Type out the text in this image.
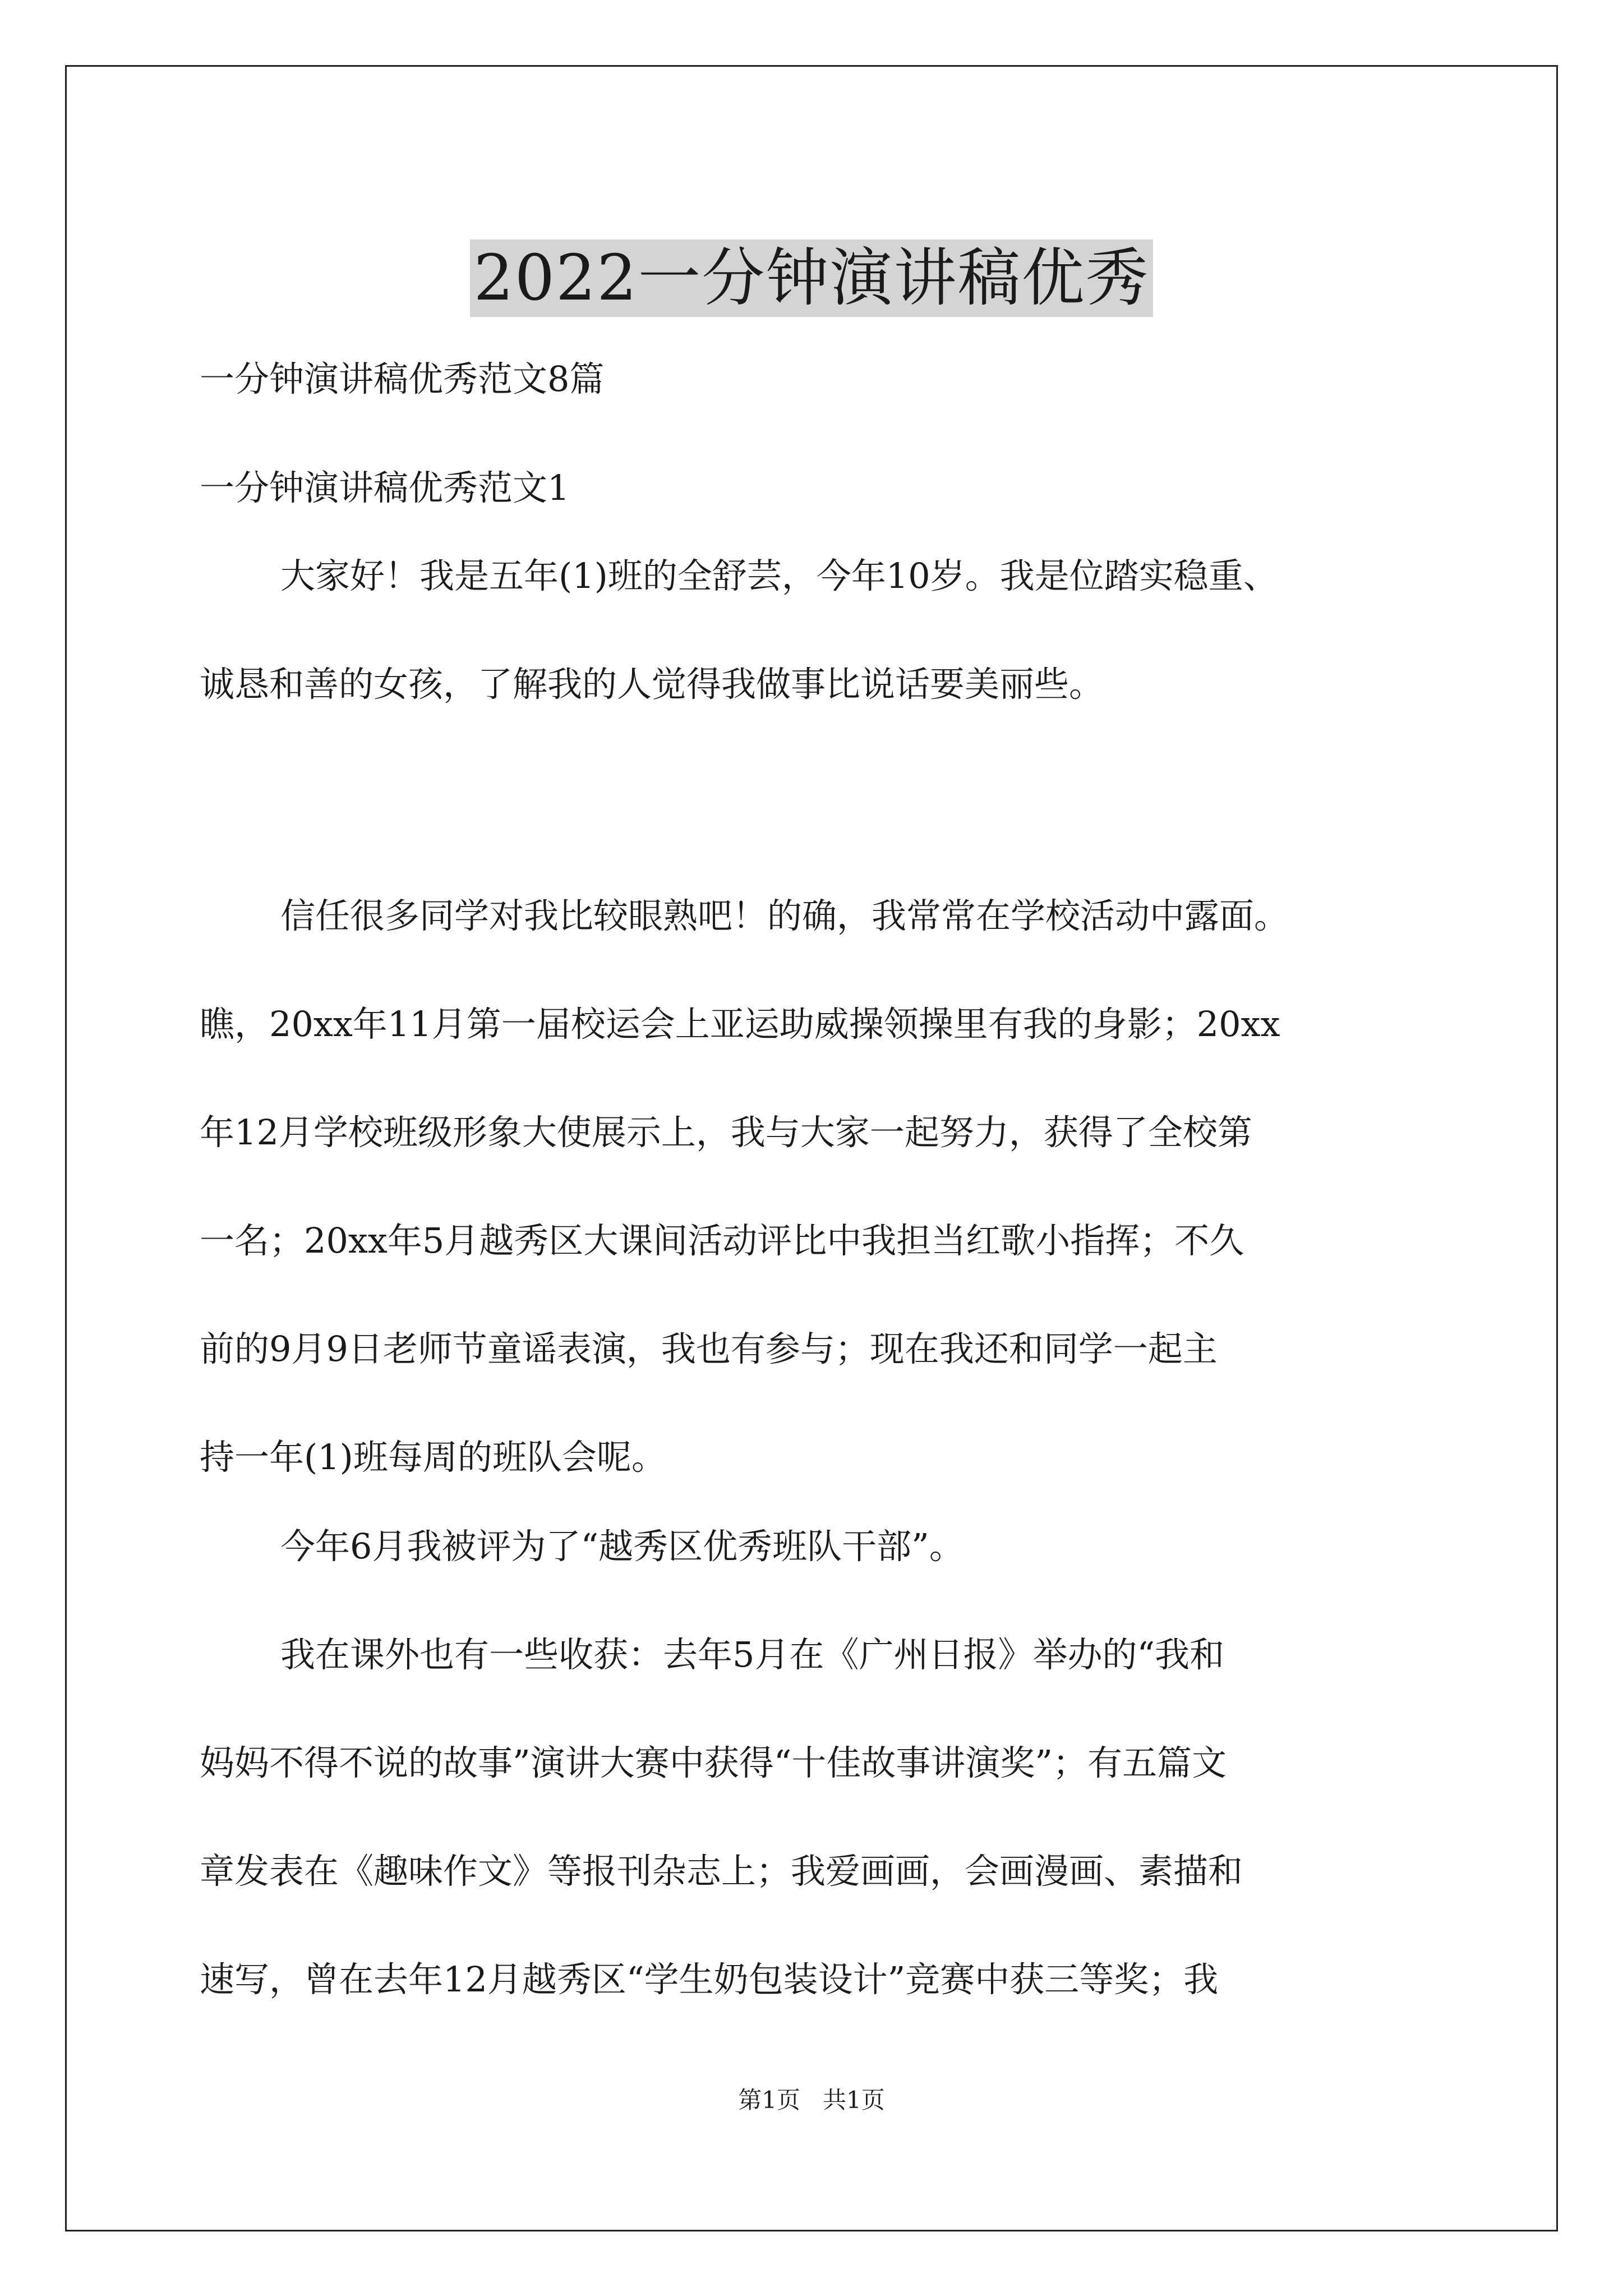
2022一分钟演讲稿优秀
一分钟演讲稿优秀范文8篇
一分钟演讲稿优秀范文1

大家好！我是五年(1)班的全舒芸，今年10岁。我是位踏实稳重、
诚恳和善的女孩，了解我的人觉得我做事比说话要美丽些。

信任很多同学对我比较眼熟吧！的确，我常常在学校活动中露面。
瞧，20xx年11月第一届校运会上亚运助威操领操里有我的身影；20xx
年12月学校班级形象大使展示上，我与大家一起努力，获得了全校第
一名；20xx年5月越秀区大课间活动评比中我担当红歌小指挥；不久
前的9月9日老师节童谣表演，我也有参与；现在我还和同学一起主
持一年(1)班每周的班队会呢。

今年6月我被评为了“越秀区优秀班队干部”。

我在课外也有一些收获：去年5月在《广州日报》举办的“我和
妈妈不得不说的故事”演讲大赛中获得“十佳故事讲演奖”；有五篇文
章发表在《趣味作文》等报刊杂志上；我爱画画，会画漫画、素描和
速写，曾在去年12月越秀区“学生奶包装设计”竞赛中获三等奖；我

第1页   共1页
